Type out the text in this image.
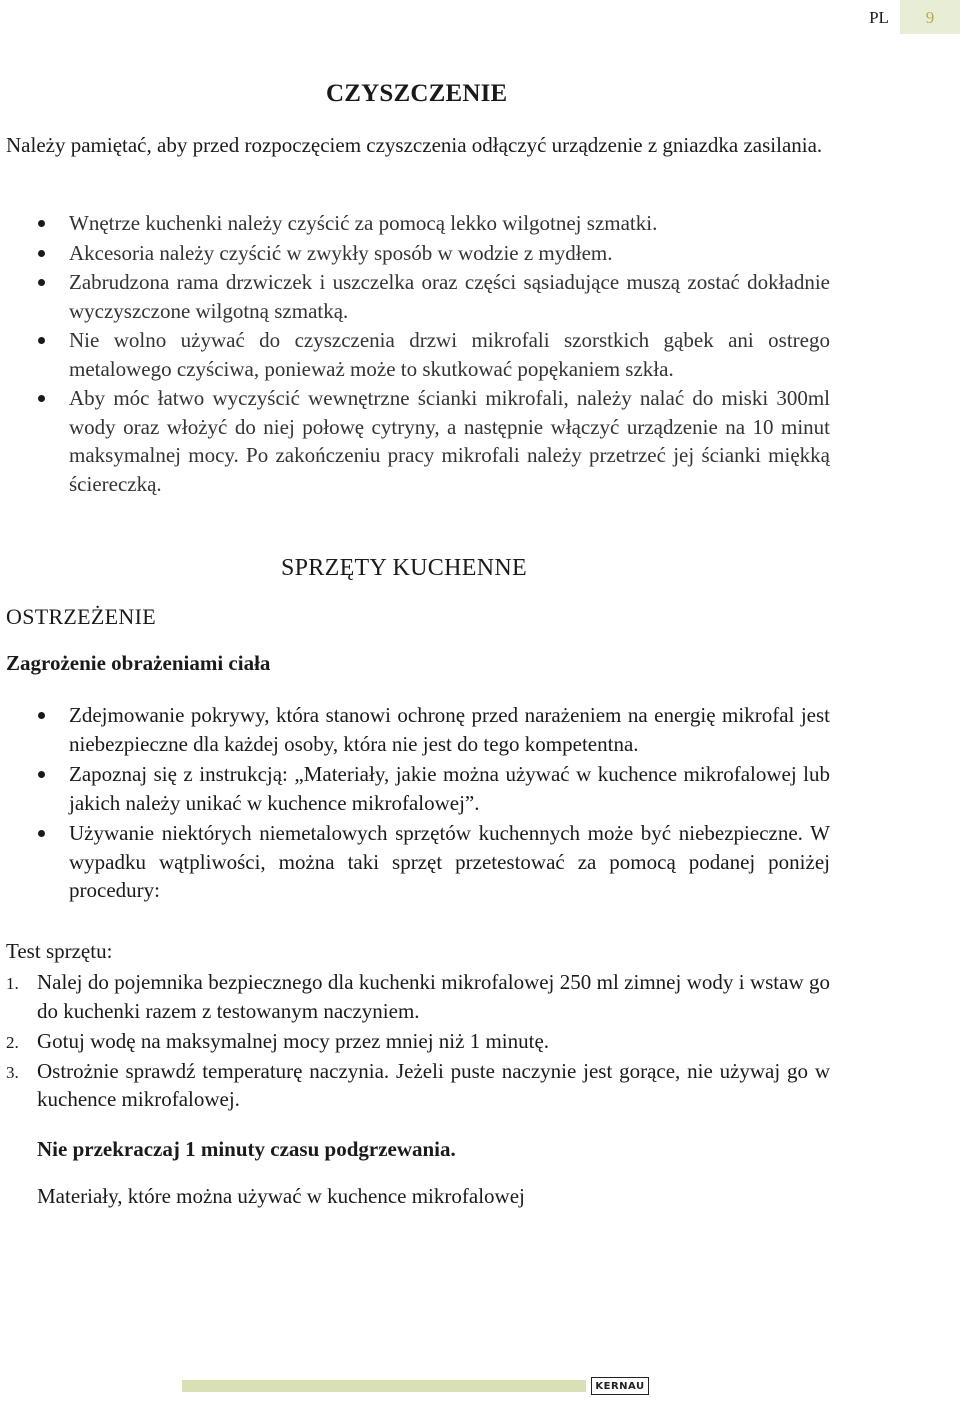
PL	9
CZYSZCZENIE

Należy pamiętać, aby przed rozpoczęciem czyszczenia odłączyć urządzenie z gniazdka zasilania.

Wnętrze kuchenki należy czyścić za pomocą lekko wilgotnej szmatki.
Akcesoria należy czyścić w zwykły sposób w wodzie z mydłem.
Zabrudzona rama drzwiczek i uszczelka oraz części sąsiadujące muszą zostać dokładnie wyczyszczone wilgotną szmatką.
Nie wolno używać do czyszczenia drzwi mikrofali szorstkich gąbek ani ostrego metalowego czyściwa, ponieważ może to skutkować popękaniem szkła.
Aby móc łatwo wyczyścić wewnętrzne ścianki mikrofali, należy nalać do miski 300ml wody oraz włożyć do niej połowę cytryny, a następnie włączyć urządzenie na 10 minut maksymalnej mocy. Po zakończeniu pracy mikrofali należy przetrzeć jej ścianki miękką ściereczką.
SPRZĘTY KUCHENNE
OSTRZEŻENIE
Zagrożenie obrażeniami ciała
Zdejmowanie pokrywy, która stanowi ochronę przed narażeniem na energię mikrofal jest niebezpieczne dla każdej osoby, która nie jest do tego kompetentna.
Zapoznaj się z instrukcją: „Materiały, jakie można używać w kuchence mikrofalowej lub jakich należy unikać w kuchence mikrofalowej”.
Używanie niektórych niemetalowych sprzętów kuchennych może być niebezpieczne. W wypadku wątpliwości, można taki sprzęt przetestować za pomocą podanej poniżej procedury:
Test sprzętu:
1. Nalej do pojemnika bezpiecznego dla kuchenki mikrofalowej 250 ml zimnej wody i wstaw go do kuchenki razem z testowanym naczyniem.
2. Gotuj wodę na maksymalnej mocy przez mniej niż 1 minutę.
3. Ostrożnie sprawdź temperaturę naczynia. Jeżeli puste naczynie jest gorące, nie używaj go w kuchence mikrofalowej.
Nie przekraczaj 1 minuty czasu podgrzewania.
Materiały, które można używać w kuchence mikrofalowej
KERNAU
